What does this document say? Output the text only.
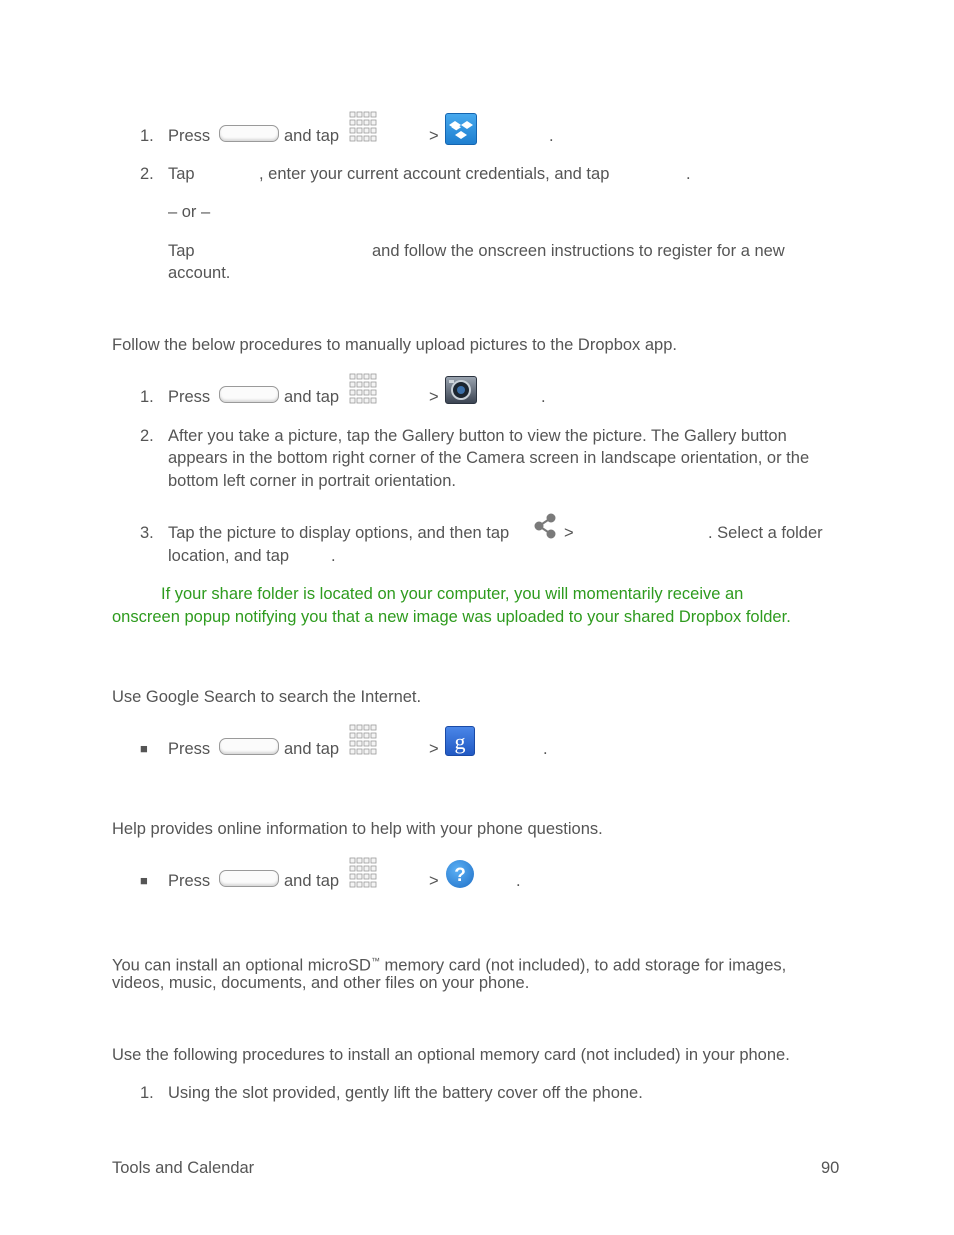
1. Press	and tap	>	.
2. Tap	, enter your current account credentials, and tap	.
– or –
Tap	and follow the onscreen instructions to register for a new
account.
Follow the below procedures to manually upload pictures to the Dropbox app.
1. Press	and tap	>	.
2. After you take a picture, tap the Gallery button to view the picture. The Gallery button
appears in the bottom right corner of the Camera screen in landscape orientation, or the
bottom left corner in portrait orientation.
3. Tap the picture to display options, and then tap	>	. Select a folder
location, and tap	.
If your share folder is located on your computer, you will momentarily receive an
onscreen popup notifying you that a new image was uploaded to your shared Dropbox folder.
Use Google Search to search the Internet.
■ Press	and tap	> g	.
Help provides online information to help with your phone questions.
■ Press	and tap	> ?	.
You can install an optional microSD™ memory card (not included), to add storage for images,
videos, music, documents, and other files on your phone.
Use the following procedures to install an optional memory card (not included) in your phone.
1. Using the slot provided, gently lift the battery cover off the phone.
Tools and Calendar	90
